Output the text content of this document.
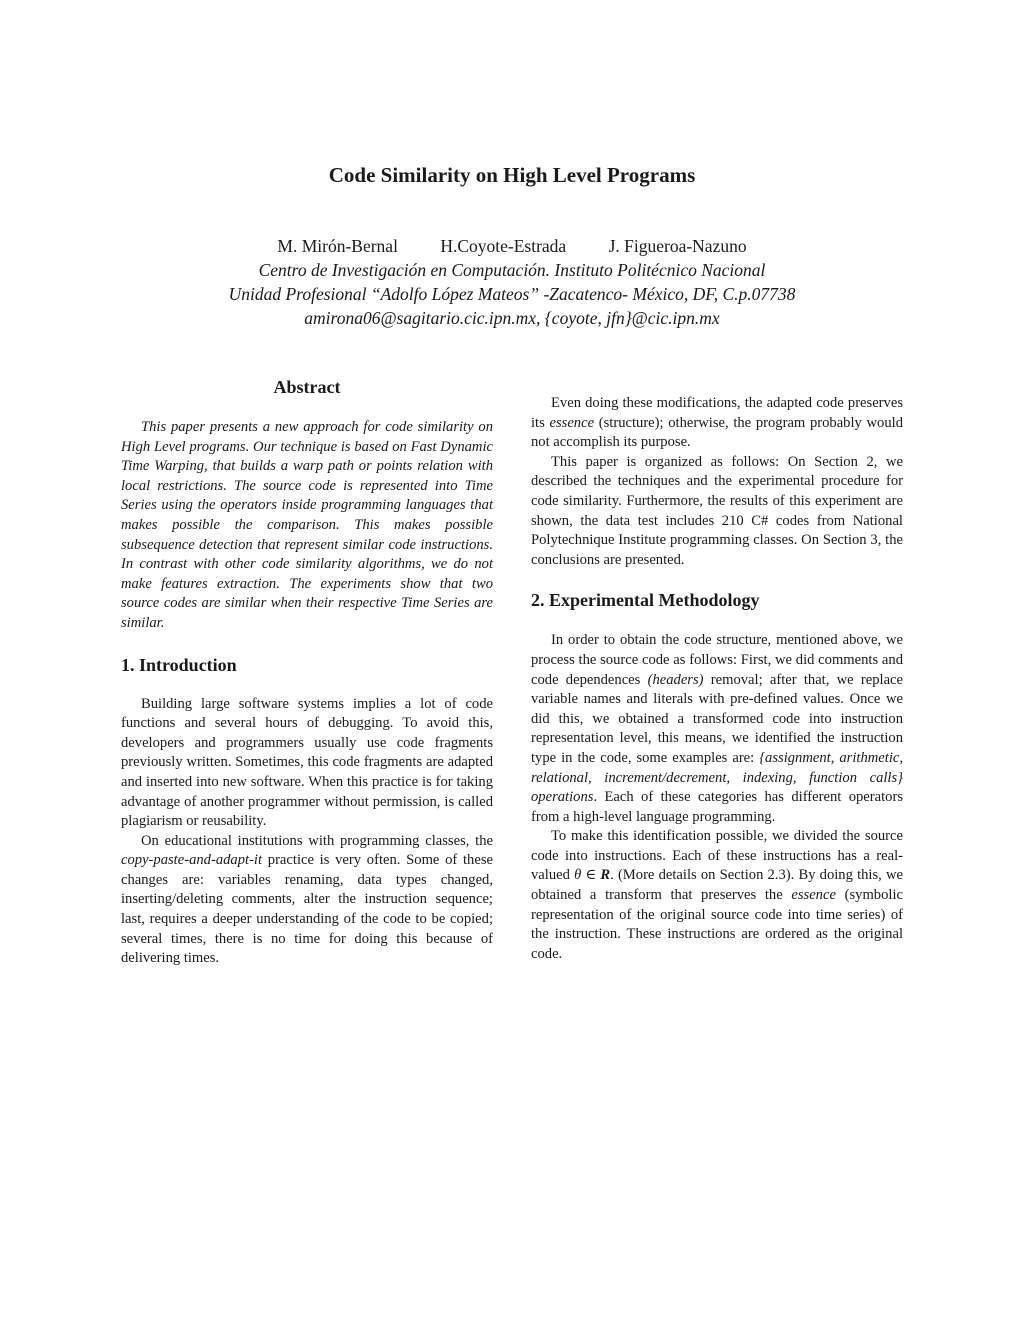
Code Similarity on High Level Programs
M. Mirón-Bernal H.Coyote-Estrada J. Figueroa-Nazuno
Centro de Investigación en Computación. Instituto Politécnico Nacional
Unidad Profesional “Adolfo López Mateos” -Zacatenco- México, DF, C.p.07738
amirona06@sagitario.cic.ipn.mx, {coyote, jfn}@cic.ipn.mx
Abstract

This paper presents a new approach for code similarity on High Level programs. Our technique is based on Fast Dynamic Time Warping, that builds a warp path or points relation with local restrictions. The source code is represented into Time Series using the operators inside programming languages that makes possible the comparison. This makes possible subsequence detection that represent similar code instructions. In contrast with other code similarity algorithms, we do not make features extraction. The experiments show that two source codes are similar when their respective Time Series are similar.

1. Introduction

Building large software systems implies a lot of code functions and several hours of debugging. To avoid this, developers and programmers usually use code fragments previously written. Sometimes, this code fragments are adapted and inserted into new software. When this practice is for taking advantage of another programmer without permission, is called plagiarism or reusability.

On educational institutions with programming classes, the copy-paste-and-adapt-it practice is very often. Some of these changes are: variables renaming, data types changed, inserting/deleting comments, alter the instruction sequence; last, requires a deeper understanding of the code to be copied; several times, there is no time for doing this because of delivering times.

Even doing these modifications, the adapted code preserves its essence (structure); otherwise, the program probably would not accomplish its purpose.

This paper is organized as follows: On Section 2, we described the techniques and the experimental procedure for code similarity. Furthermore, the results of this experiment are shown, the data test includes 210 C# codes from National Polytechnique Institute programming classes. On Section 3, the conclusions are presented.

2. Experimental Methodology

In order to obtain the code structure, mentioned above, we process the source code as follows: First, we did comments and code dependences (headers) removal; after that, we replace variable names and literals with pre-defined values. Once we did this, we obtained a transformed code into instruction representation level, this means, we identified the instruction type in the code, some examples are: {assignment, arithmetic, relational, increment/decrement, indexing, function calls} operations. Each of these categories has different operators from a high-level language programming.

To make this identification possible, we divided the source code into instructions. Each of these instructions has a real-valued θ ∈ R. (More details on Section 2.3). By doing this, we obtained a transform that preserves the essence (symbolic representation of the original source code into time series) of the instruction. These instructions are ordered as the original code.
